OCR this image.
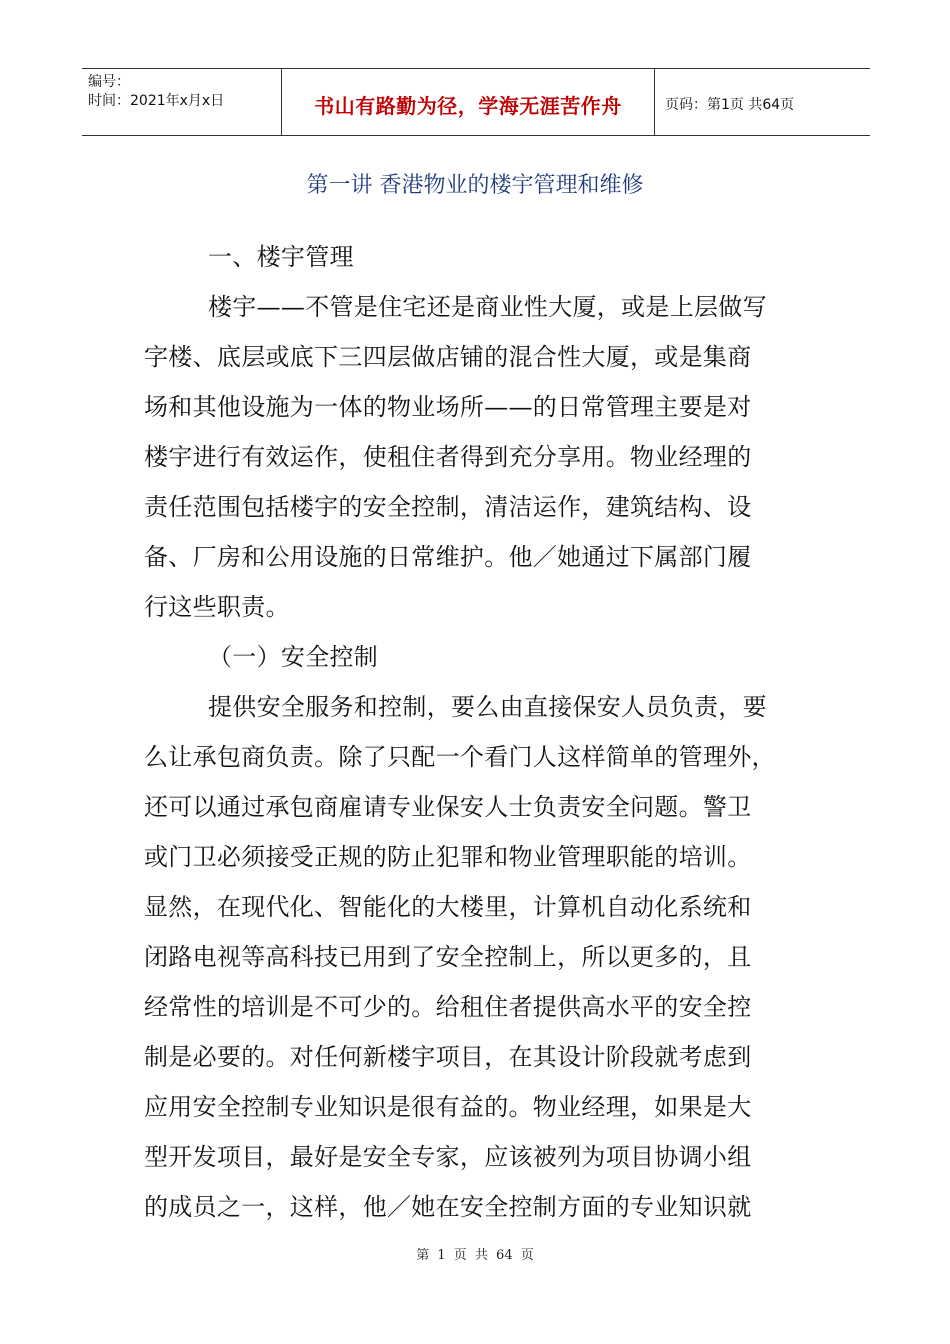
编号：
时间：2021年x月x日	书山有路勤为径，学海无涯苦作舟	页码：第1页 共64页
第一讲 香港物业的楼宇管理和维修
一、楼宇管理
楼宇——不管是住宅还是商业性大厦，或是上层做写
字楼、底层或底下三四层做店铺的混合性大厦，或是集商
场和其他设施为一体的物业场所——的日常管理主要是对
楼宇进行有效运作，使租住者得到充分享用。物业经理的
责任范围包括楼宇的安全控制，清洁运作，建筑结构、设
备、厂房和公用设施的日常维护。他／她通过下属部门履
行这些职责。
（一）安全控制
提供安全服务和控制，要么由直接保安人员负责，要
么让承包商负责。除了只配一个看门人这样简单的管理外，
还可以通过承包商雇请专业保安人士负责安全问题。警卫
或门卫必须接受正规的防止犯罪和物业管理职能的培训。
显然，在现代化、智能化的大楼里，计算机自动化系统和
闭路电视等高科技已用到了安全控制上，所以更多的，且
经常性的培训是不可少的。给租住者提供高水平的安全控
制是必要的。对任何新楼宇项目，在其设计阶段就考虑到
应用安全控制专业知识是很有益的。物业经理，如果是大
型开发项目，最好是安全专家，应该被列为项目协调小组
的成员之一，这样，他／她在安全控制方面的专业知识就
第 1 页 共 64 页
